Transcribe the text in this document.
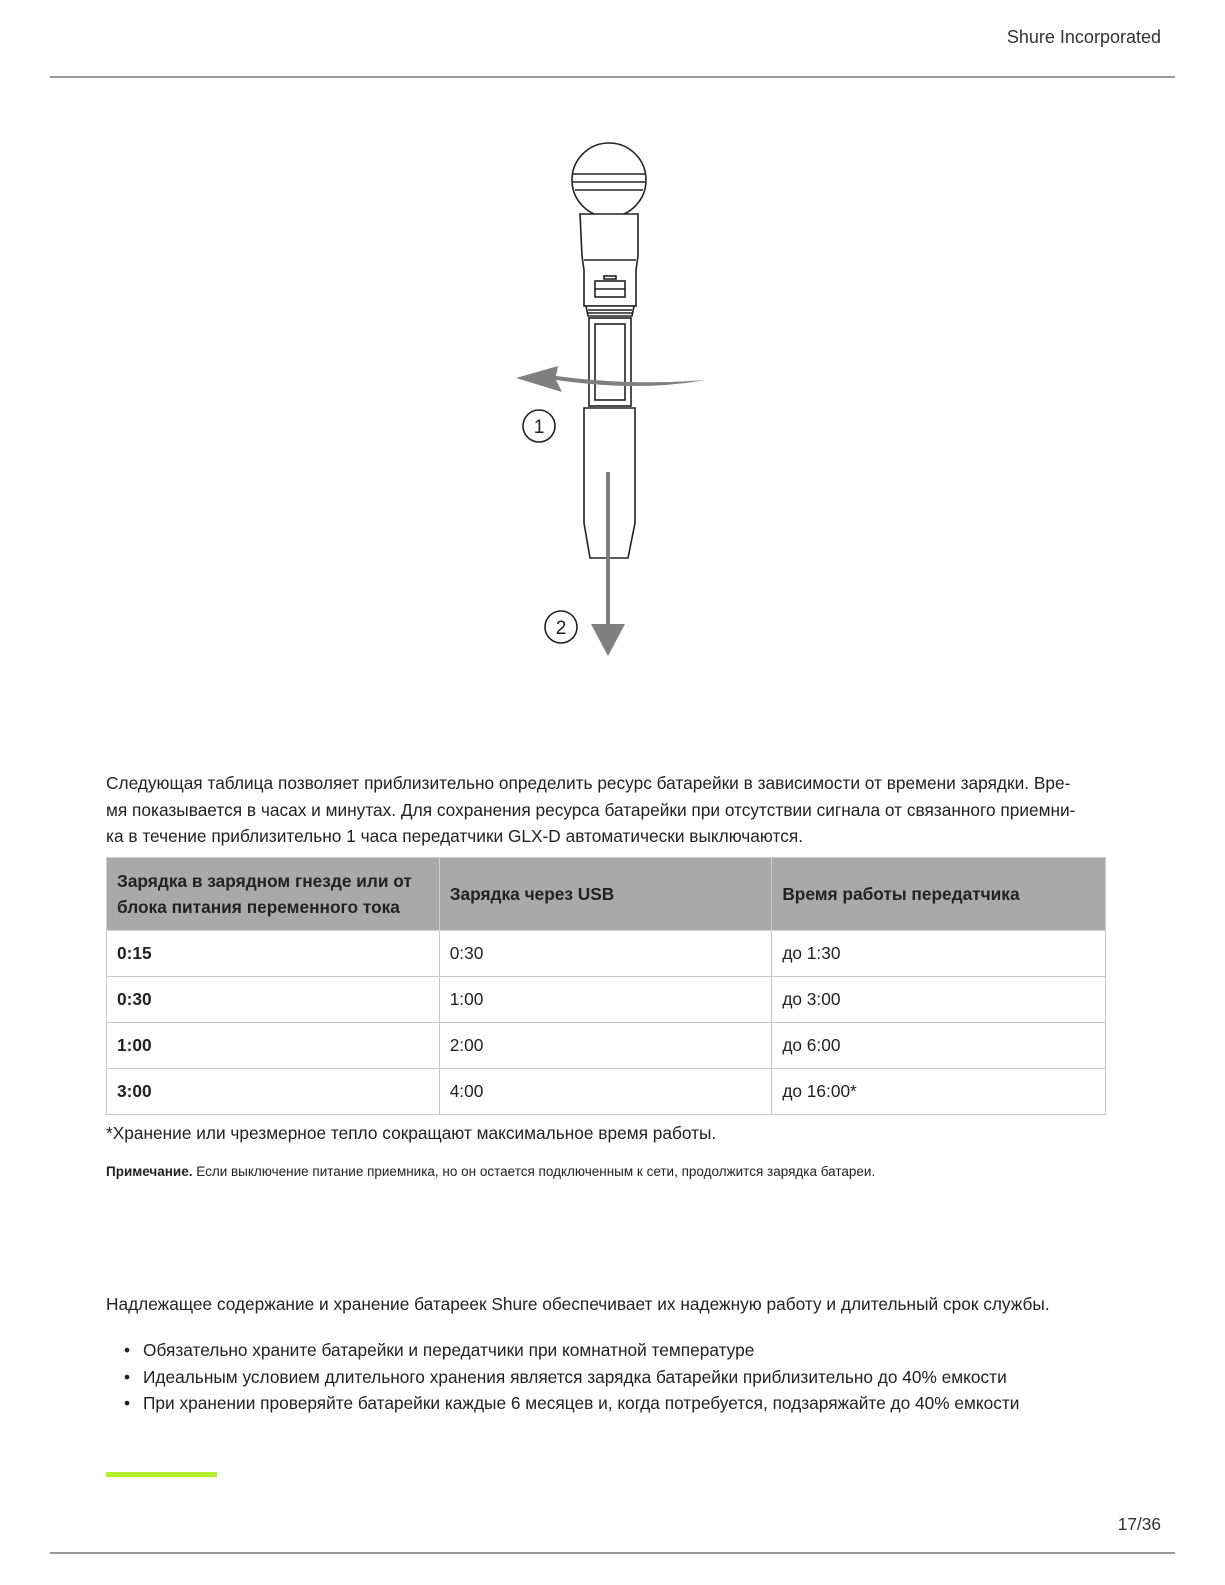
Shure Incorporated
1
2
Следующая таблица позволяет приблизительно определить ресурс батарейки в зависимости от времени зарядки. Вре-
мя показывается в часах и минутах. Для сохранения ресурса батарейки при отсутствии сигнала от связанного приемни-
ка в течение приблизительно 1 часа передатчики GLX-D автоматически выключаются.
Зарядка в зарядном гнезде или от
блока питания переменного тока	Зарядка через USB	Время работы передатчика
0:15	0:30	до 1:30
0:30	1:00	до 3:00
1:00	2:00	до 6:00
3:00	4:00	до 16:00*
*Хранение или чрезмерное тепло сокращают максимальное время работы.
Примечание. Если выключение питание приемника, но он остается подключенным к сети, продолжится зарядка батареи.
Надлежащее содержание и хранение батареек Shure обеспечивает их надежную работу и длительный срок службы.
• Обязательно храните батарейки и передатчики при комнатной температуре
• Идеальным условием длительного хранения является зарядка батарейки приблизительно до 40% емкости
• При хранении проверяйте батарейки каждые 6 месяцев и, когда потребуется, подзаряжайте до 40% емкости
17/36
